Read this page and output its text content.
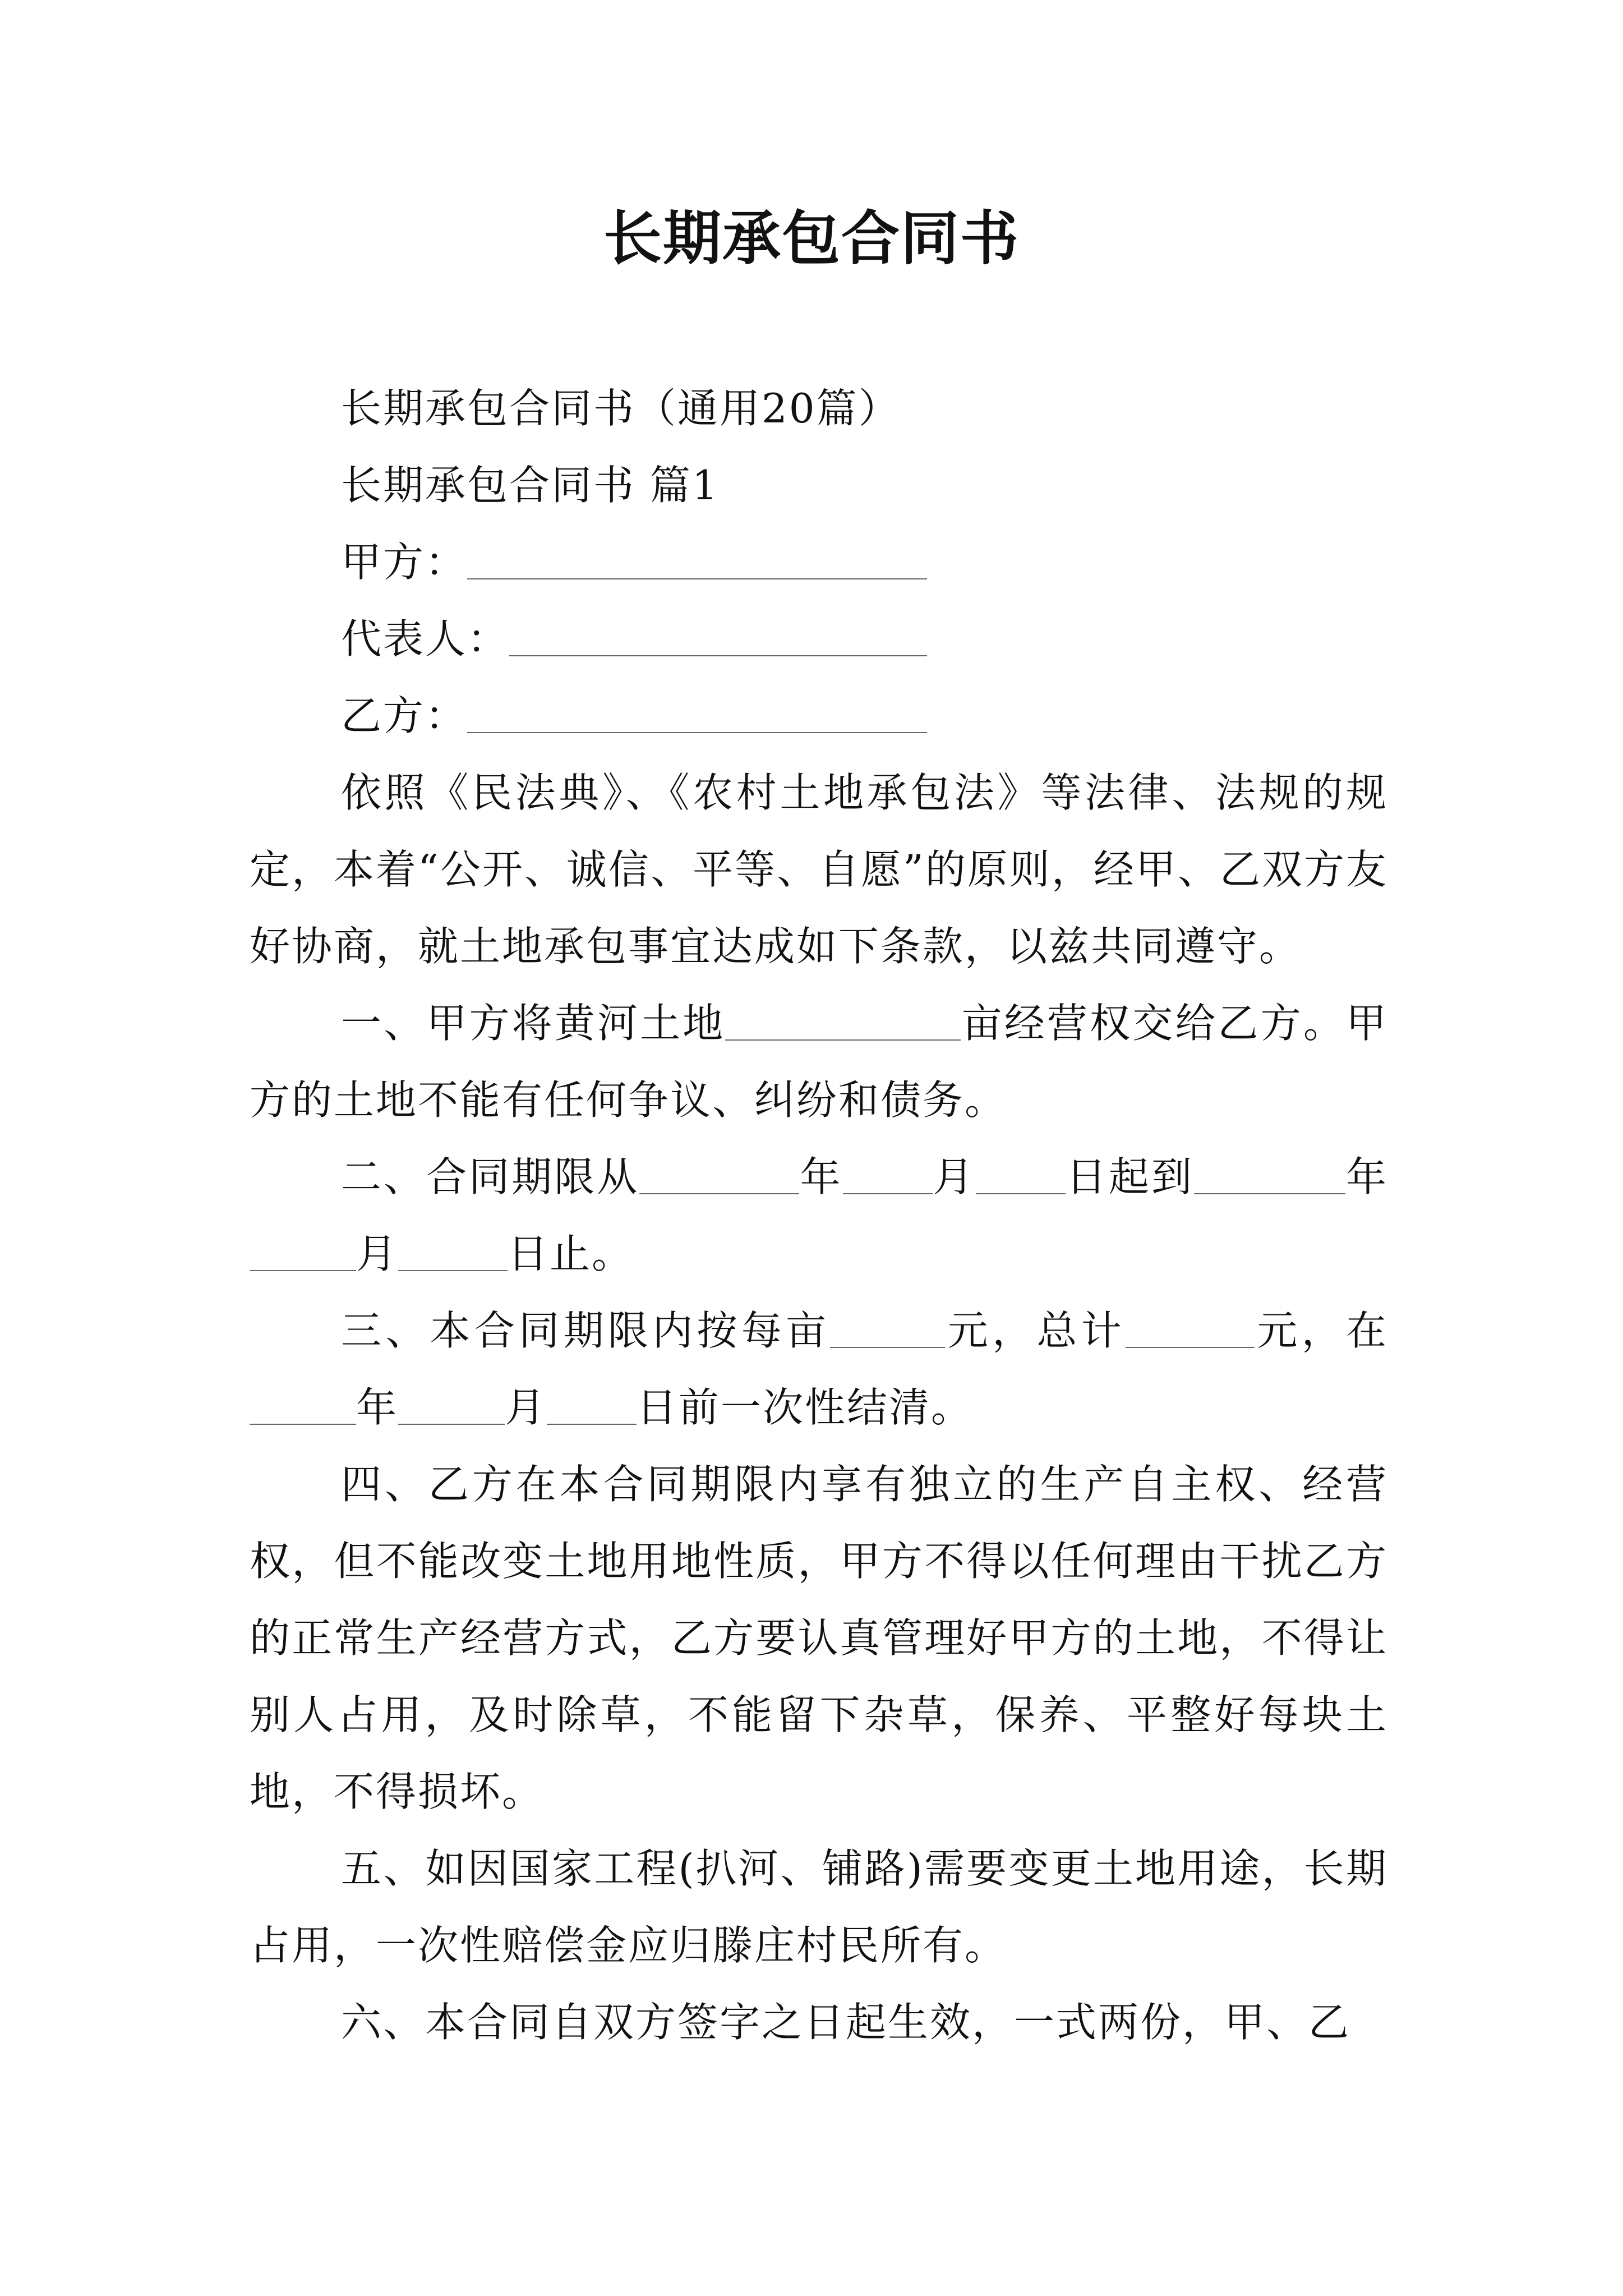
长期承包合同书

长期承包合同书（通用20篇）

长期承包合同书 篇1

甲方：

代表人：

乙方：

依照《民法典》、《农村土地承包法》等法律、法规的规定，本着“公开、诚信、平等、自愿”的原则，经甲、乙双方友好协商，就土地承包事宜达成如下条款，以兹共同遵守。

一、甲方将黄河土地	亩经营权交给乙方。甲方的土地不能有任何争议、纠纷和债务。

二、合同期限从	年 月 日起到	年月	日止。

三、本合同期限内按每亩	元，总计	元，在年	月 日前一次性结清。

四、乙方在本合同期限内享有独立的生产自主权、经营权，但不能改变土地用地性质，甲方不得以任何理由干扰乙方的正常生产经营方式，乙方要认真管理好甲方的土地，不得让别人占用，及时除草，不能留下杂草，保养、平整好每块土地，不得损坏。

五、如因国家工程(扒河、铺路)需要变更土地用途，长期占用，一次性赔偿金应归滕庄村民所有。

六、本合同自双方签字之日起生效，一式两份，甲、乙
